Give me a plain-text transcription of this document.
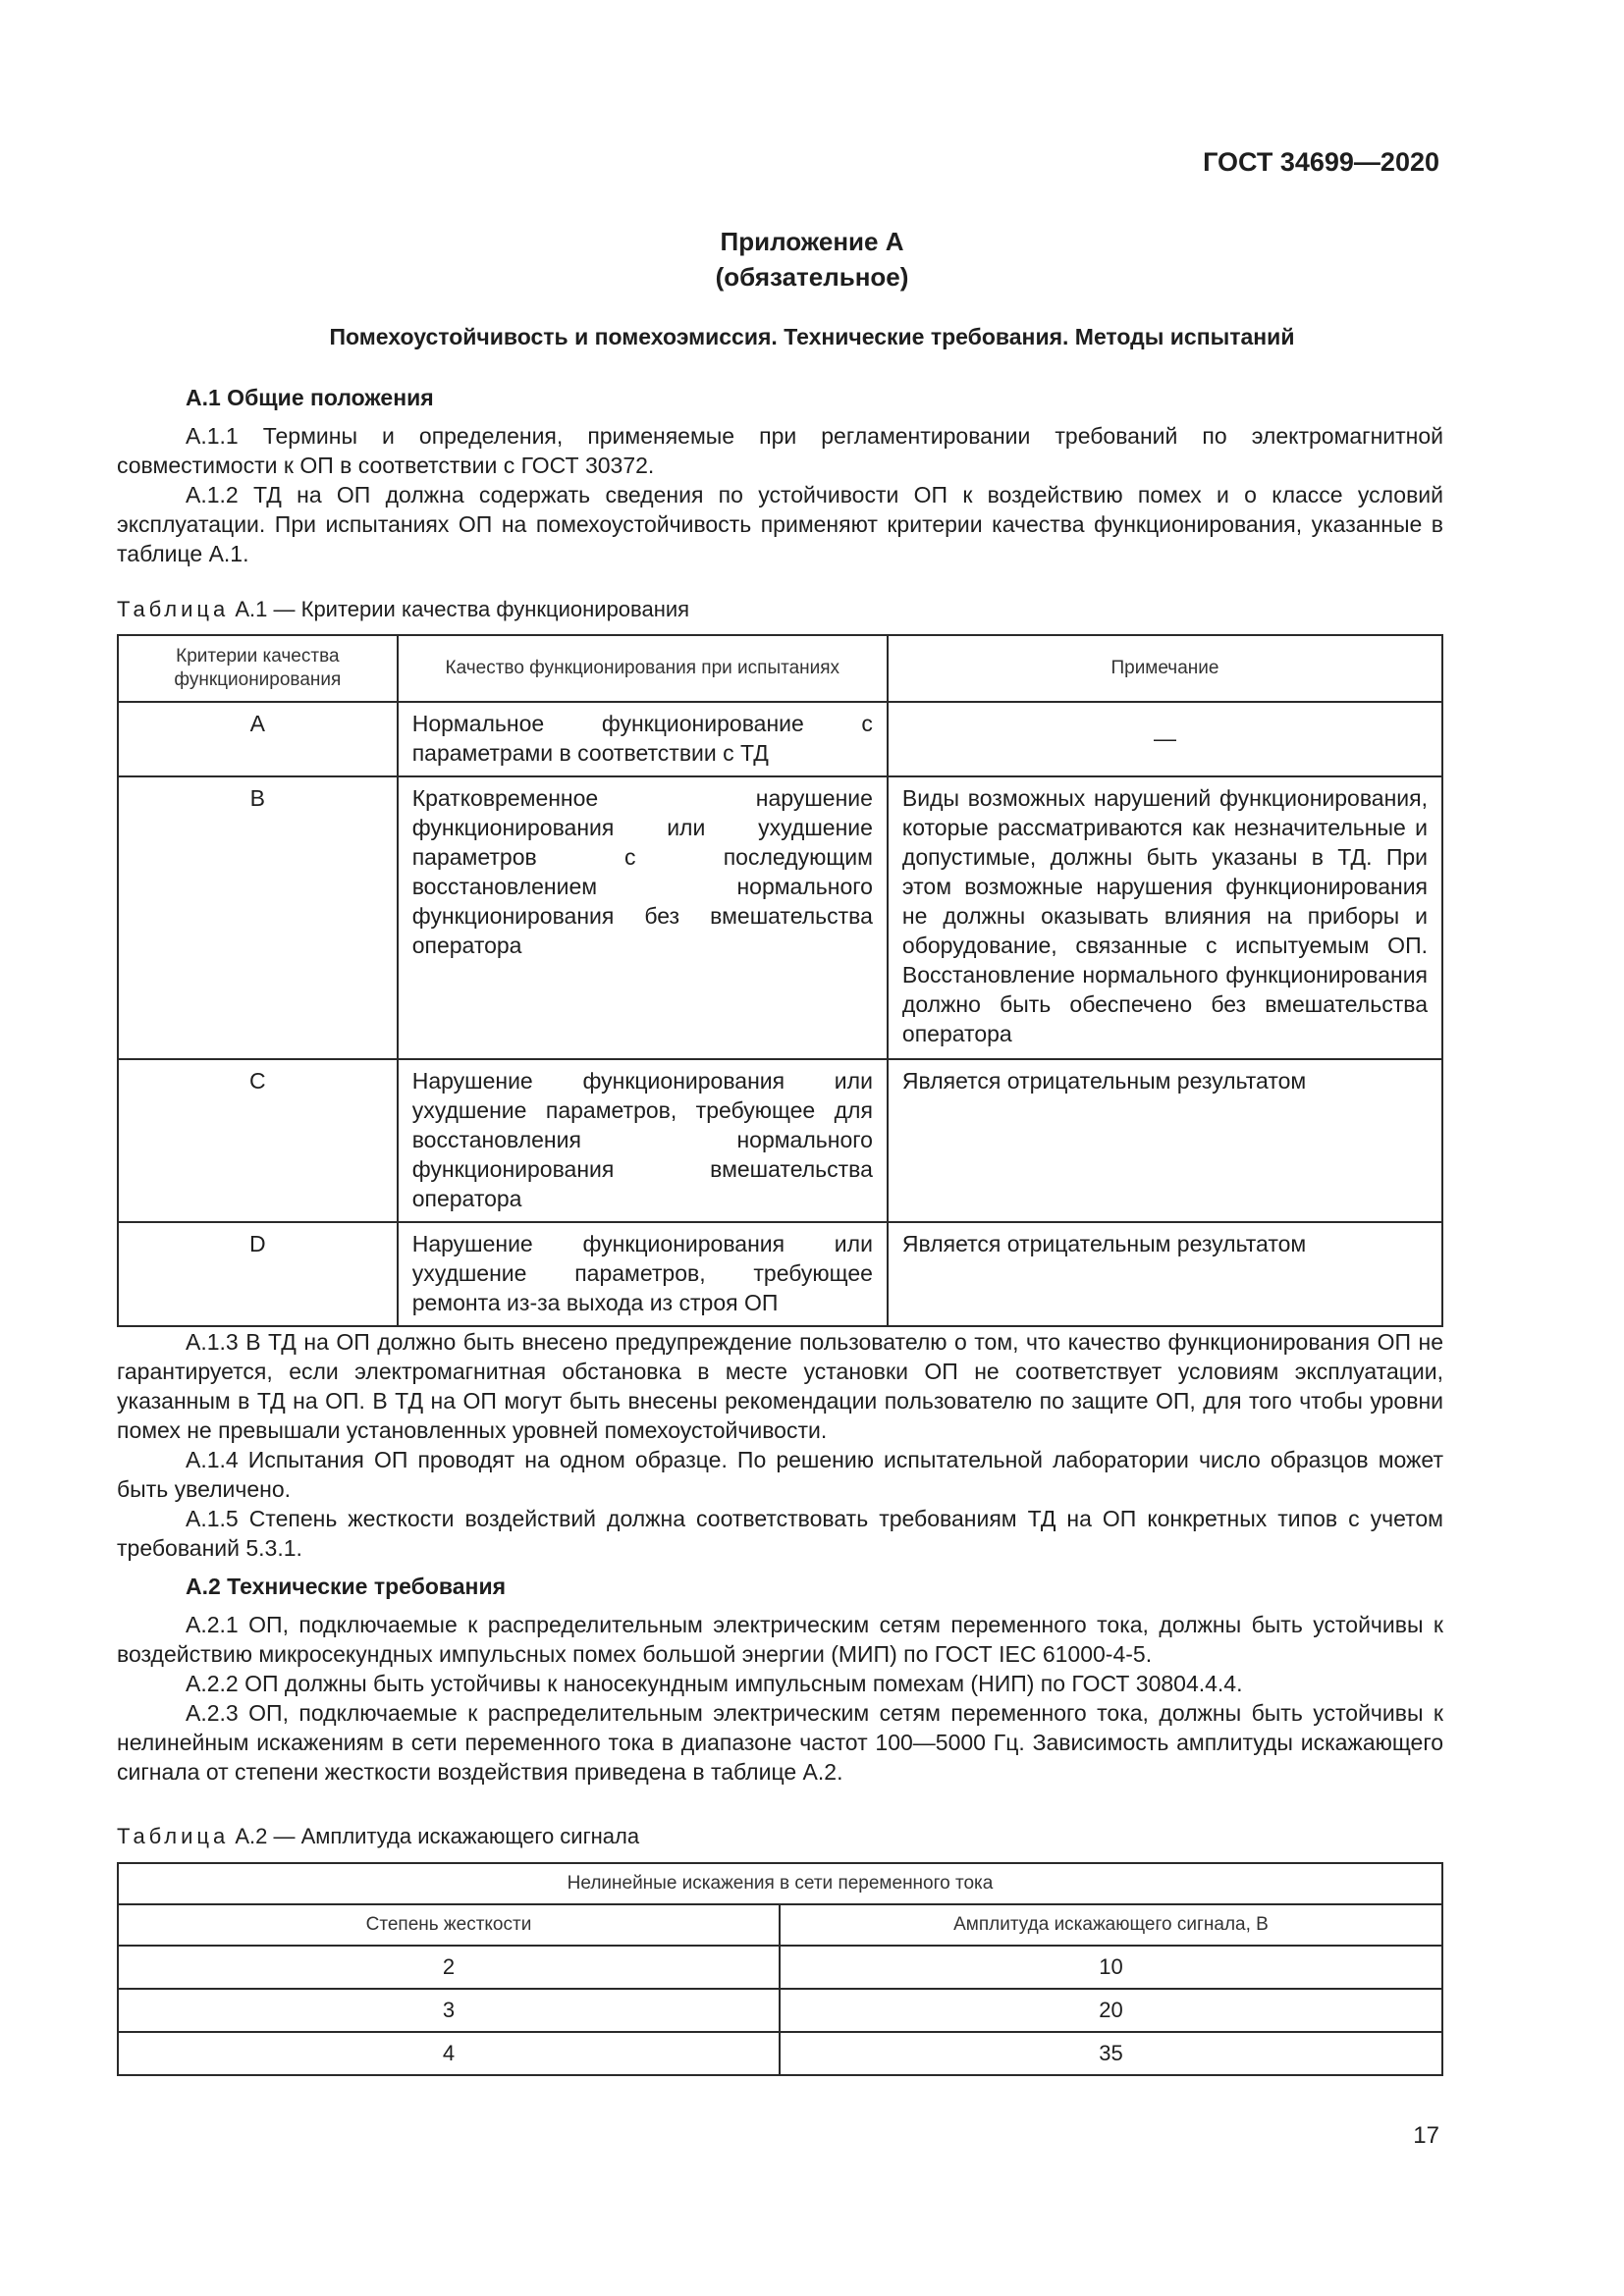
ГОСТ 34699—2020
Приложение А
(обязательное)
Помехоустойчивость и помехоэмиссия. Технические требования. Методы испытаний
А.1 Общие положения

А.1.1 Термины и определения, применяемые при регламентировании требований по электромагнитной совместимости к ОП в соответствии с ГОСТ 30372.

А.1.2 ТД на ОП должна содержать сведения по устойчивости ОП к воздействию помех и о классе условий эксплуатации. При испытаниях ОП на помехоустойчивость применяют критерии качества функционирования, указанные в таблице А.1.

Таблица А.1 — Критерии качества функционирования
Критерии качества функционирования	Качество функционирования при испытаниях	Примечание
A	Нормальное функционирование с параметрами в соответствии с ТД	—
B	Кратковременное нарушение функционирования или ухудшение параметров с последующим восстановлением нормального функционирования без вмешательства оператора	Виды возможных нарушений функционирования, которые рассматриваются как незначительные и допустимые, должны быть указаны в ТД. При этом возможные нарушения функционирования не должны оказывать влияния на приборы и оборудование, связанные с испытуемым ОП. Восстановление нормального функционирования должно быть обеспечено без вмешательства оператора
C	Нарушение функционирования или ухудшение параметров, требующее для восстановления нормального функционирования вмешательства оператора	Является отрицательным результатом
D	Нарушение функционирования или ухудшение параметров, требующее ремонта из-за выхода из строя ОП	Является отрицательным результатом

А.1.3 В ТД на ОП должно быть внесено предупреждение пользователю о том, что качество функционирования ОП не гарантируется, если электромагнитная обстановка в месте установки ОП не соответствует условиям эксплуатации, указанным в ТД на ОП. В ТД на ОП могут быть внесены рекомендации пользователю по защите ОП, для того чтобы уровни помех не превышали установленных уровней помехоустойчивости.

А.1.4 Испытания ОП проводят на одном образце. По решению испытательной лаборатории число образцов может быть увеличено.

А.1.5 Степень жесткости воздействий должна соответствовать требованиям ТД на ОП конкретных типов с учетом требований 5.3.1.

А.2 Технические требования

А.2.1 ОП, подключаемые к распределительным электрическим сетям переменного тока, должны быть устойчивы к воздействию микросекундных импульсных помех большой энергии (МИП) по ГОСТ IEC 61000-4-5.

А.2.2 ОП должны быть устойчивы к наносекундным импульсным помехам (НИП) по ГОСТ 30804.4.4.

А.2.3 ОП, подключаемые к распределительным электрическим сетям переменного тока, должны быть устойчивы к нелинейным искажениям в сети переменного тока в диапазоне частот 100—5000 Гц. Зависимость амплитуды искажающего сигнала от степени жесткости воздействия приведена в таблице А.2.

Таблица А.2 — Амплитуда искажающего сигнала
Нелинейные искажения в сети переменного тока	
Степень жесткости	Амплитуда искажающего сигнала, В
2	10
3	20
4	35
17
